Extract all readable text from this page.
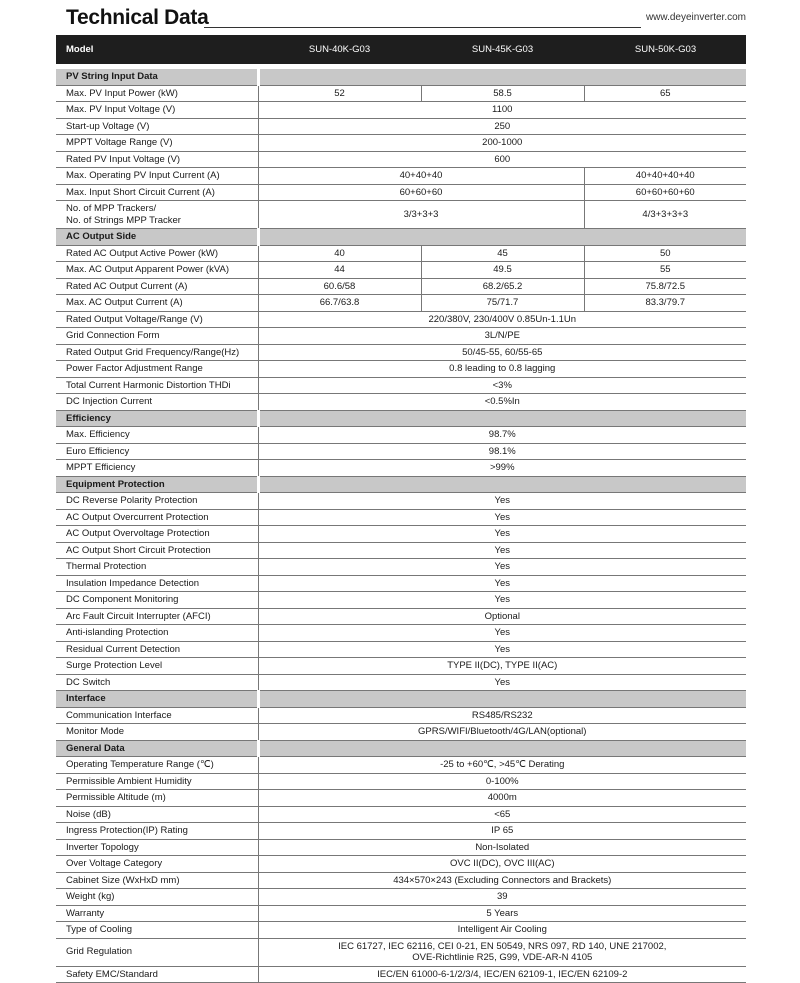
Technical Data	www.deyeinverter.com
Model	SUN-40K-G03	SUN-45K-G03	SUN-50K-G03
PV String Input Data			
Max. PV Input Power (kW)	52	58.5	65
Max. PV Input Voltage (V)	1100		
Start-up Voltage (V)	250		
MPPT Voltage Range (V)	200-1000		
Rated PV Input Voltage (V)	600		
Max. Operating PV Input Current (A)	40+40+40		40+40+40+40
Max. Input Short Circuit Current (A)	60+60+60		60+60+60+60
No. of MPP Trackers/
No. of Strings MPP Tracker	3/3+3+3		4/3+3+3+3
AC Output Side			
Rated AC Output Active Power (kW)	40	45	50
Max. AC Output Apparent Power (kVA)	44	49.5	55
Rated AC Output Current (A)	60.6/58	68.2/65.2	75.8/72.5
Max. AC Output Current (A)	66.7/63.8	75/71.7	83.3/79.7
Rated Output Voltage/Range (V)	220/380V, 230/400V 0.85Un-1.1Un		
Grid Connection Form	3L/N/PE		
Rated Output Grid Frequency/Range(Hz)	50/45-55, 60/55-65		
Power Factor Adjustment Range	0.8 leading to 0.8 lagging		
Total Current Harmonic Distortion THDi	<3%		
DC Injection Current	<0.5%In		
Efficiency			
Max. Efficiency	98.7%		
Euro Efficiency	98.1%		
MPPT Efficiency	>99%		
Equipment Protection			
DC Reverse Polarity Protection	Yes		
AC Output Overcurrent Protection	Yes		
AC Output Overvoltage Protection	Yes		
AC Output Short Circuit Protection	Yes		
Thermal Protection	Yes		
Insulation Impedance Detection	Yes		
DC Component Monitoring	Yes		
Arc Fault Circuit Interrupter (AFCI)	Optional		
Anti-islanding Protection	Yes		
Residual Current Detection	Yes		
Surge Protection Level	TYPE II(DC), TYPE II(AC)		
DC Switch	Yes		
Interface			
Communication Interface	RS485/RS232		
Monitor Mode	GPRS/WIFI/Bluetooth/4G/LAN(optional)		
General Data			
Operating Temperature Range (℃)	-25 to +60℃, >45℃ Derating		
Permissible Ambient Humidity	0-100%		
Permissible Altitude (m)	4000m		
Noise (dB)	<65		
Ingress Protection(IP) Rating	IP 65		
Inverter Topology	Non-Isolated		
Over Voltage Category	OVC II(DC), OVC III(AC)		
Cabinet Size (WxHxD mm)	434×570×243 (Excluding Connectors and Brackets)		
Weight (kg)	39		
Warranty	5 Years		
Type of Cooling	Intelligent Air Cooling		
Grid Regulation	IEC 61727, IEC 62116, CEI 0-21, EN 50549, NRS 097, RD 140, UNE 217002,
OVE-Richtlinie R25, G99, VDE-AR-N 4105		
Safety EMC/Standard	IEC/EN 61000-6-1/2/3/4, IEC/EN 62109-1, IEC/EN 62109-2		
